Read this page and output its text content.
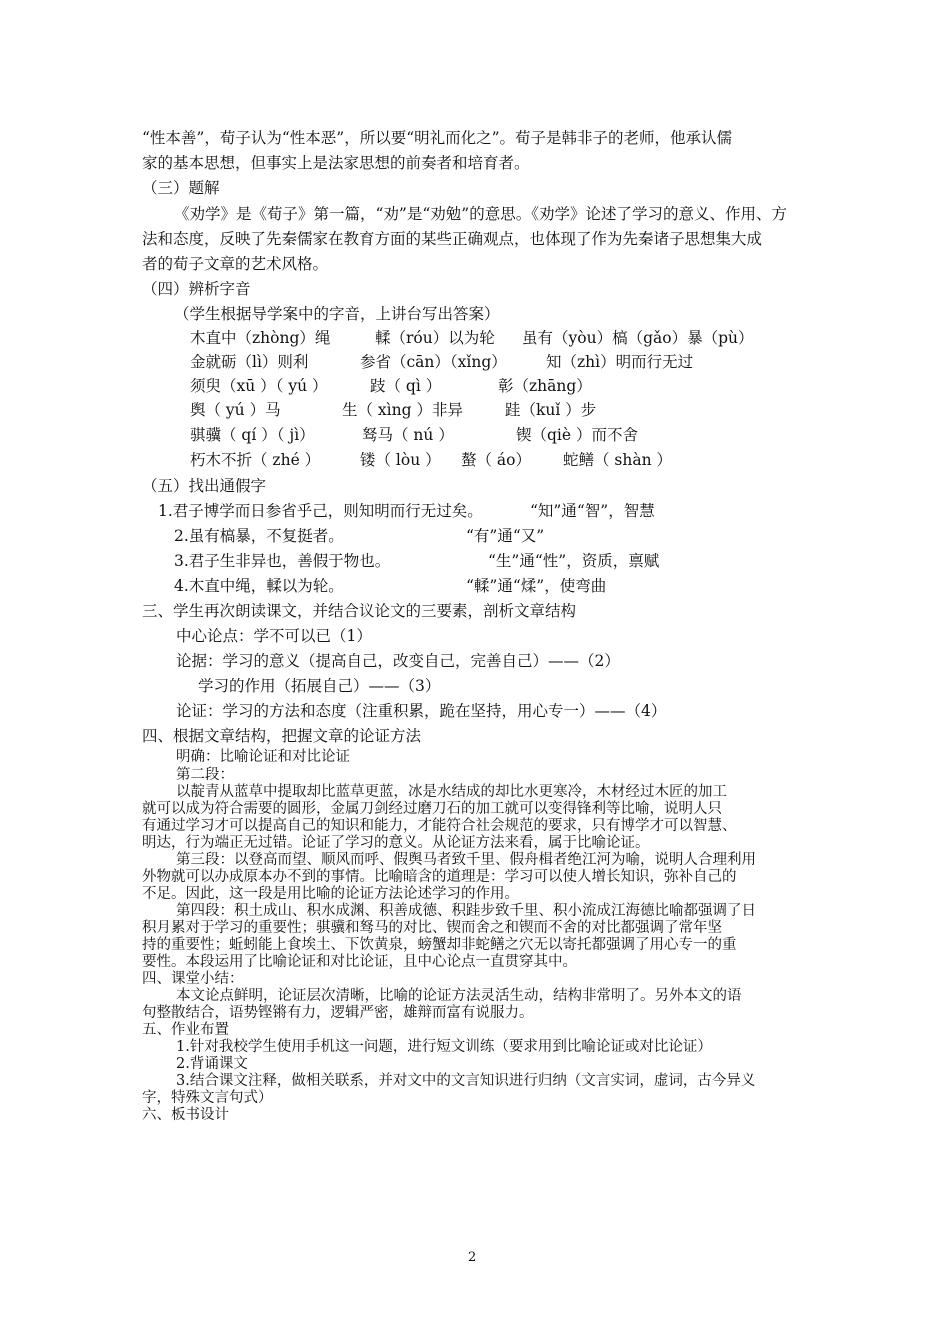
“性本善”，荀子认为“性本恶”，所以要“明礼而化之”。荀子是韩非子的老师，他承认儒
家的基本思想，但事实上是法家思想的前奏者和培育者。
（三）题解
《劝学》是《荀子》第一篇，“劝”是“劝勉”的意思。《劝学》论述了学习的意义、作用、方
法和态度，反映了先秦儒家在教育方面的某些正确观点，也体现了作为先秦诸子思想集大成
者的荀子文章的艺术风格。
（四）辨析字音
（学生根据导学案中的字音，上讲台写出答案）
木直中（zhòng）绳	輮（róu）以为轮 虽有（yòu）槁（gǎo）暴（pù）
金就砺（lì）则利	参省（cān）（xǐng）	知（zhì）明而行无过
须臾（xū ）（ yú ）	跂（ qì ）	彰（zhāng）
舆（ yú ）马	生（ xìng ）非异	跬（kuǐ ）步
骐骥（ qí ）（ jì）	驽马（ nú ）	锲（qiè ）而不舍
朽木不折（ zhé ）	镂（ lòu ） 螯（ áo） 蛇鳝（ shàn ）
（五）找出通假字
1.君子博学而日参省乎己，则知明而行无过矣。	“知”通“智”，智慧
2.虽有槁暴，不复挺者。	“有”通“又”
3.君子生非异也，善假于物也。	“生”通“性”，资质，禀赋
4.木直中绳，輮以为轮。	“輮”通“煣”，使弯曲
三、学生再次朗读课文，并结合议论文的三要素，剖析文章结构
中心论点：学不可以已（1）
论据：学习的意义（提高自己，改变自己，完善自己）——（2）
学习的作用（拓展自己）——（3）
论证：学习的方法和态度（注重积累，跪在坚持，用心专一）——（4）
四、根据文章结构，把握文章的论证方法
明确：比喻论证和对比论证
第二段：
以靛青从蓝草中提取却比蓝草更蓝，冰是水结成的却比水更寒冷，木材经过木匠的加工
就可以成为符合需要的圆形，金属刀剑经过磨刀石的加工就可以变得锋利等比喻，说明人只
有通过学习才可以提高自己的知识和能力，才能符合社会规范的要求，只有博学才可以智慧、
明达，行为端正无过错。论证了学习的意义。从论证方法来看，属于比喻论证。
第三段：以登高而望、顺风而呼、假舆马者致千里、假舟楫者绝江河为喻，说明人合理利用
外物就可以办成原本办不到的事情。比喻暗含的道理是：学习可以使人增长知识，弥补自己的
不足。因此，这一段是用比喻的论证方法论述学习的作用。
第四段：积土成山、积水成渊、积善成德、积跬步致千里、积小流成江海德比喻都强调了日
积月累对于学习的重要性；骐骥和驽马的对比、锲而舍之和锲而不舍的对比都强调了常年坚
持的重要性；蚯蚓能上食埃土、下饮黄泉，螃蟹却非蛇鳝之穴无以寄托都强调了用心专一的重
要性。本段运用了比喻论证和对比论证，且中心论点一直贯穿其中。
四、课堂小结：
本文论点鲜明，论证层次清晰，比喻的论证方法灵活生动，结构非常明了。另外本文的语
句整散结合，语势铿锵有力，逻辑严密，雄辩而富有说服力。
五、作业布置
1.针对我校学生使用手机这一问题，进行短文训练（要求用到比喻论证或对比论证）
2.背诵课文
3.结合课文注释，做相关联系，并对文中的文言知识进行归纳（文言实词，虚词，古今异义
字，特殊文言句式）
六、板书设计
2
